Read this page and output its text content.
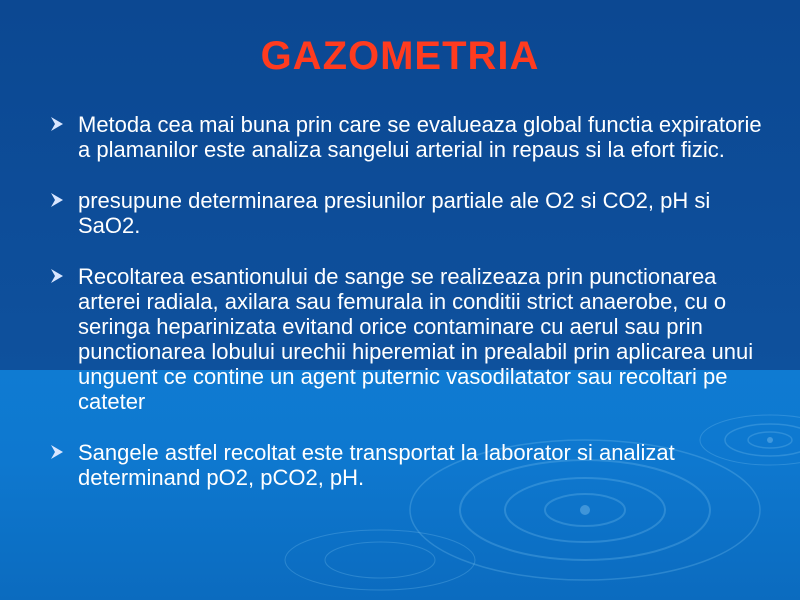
GAZOMETRIA
Metoda cea mai buna prin care se evalueaza global functia expiratorie a plamanilor este analiza sangelui arterial in repaus si la efort fizic.
presupune determinarea presiunilor partiale ale O2 si CO2, pH si SaO2.
Recoltarea esantionului de sange se realizeaza prin punctionarea arterei radiala, axilara sau femurala in conditii strict anaerobe, cu o seringa heparinizata evitand orice contaminare cu aerul sau prin punctionarea lobului urechii hiperemiat in prealabil prin aplicarea unui unguent ce contine un agent puternic vasodilatator sau recoltari pe cateter
Sangele astfel recoltat este transportat la laborator si analizat determinand pO2, pCO2, pH.
